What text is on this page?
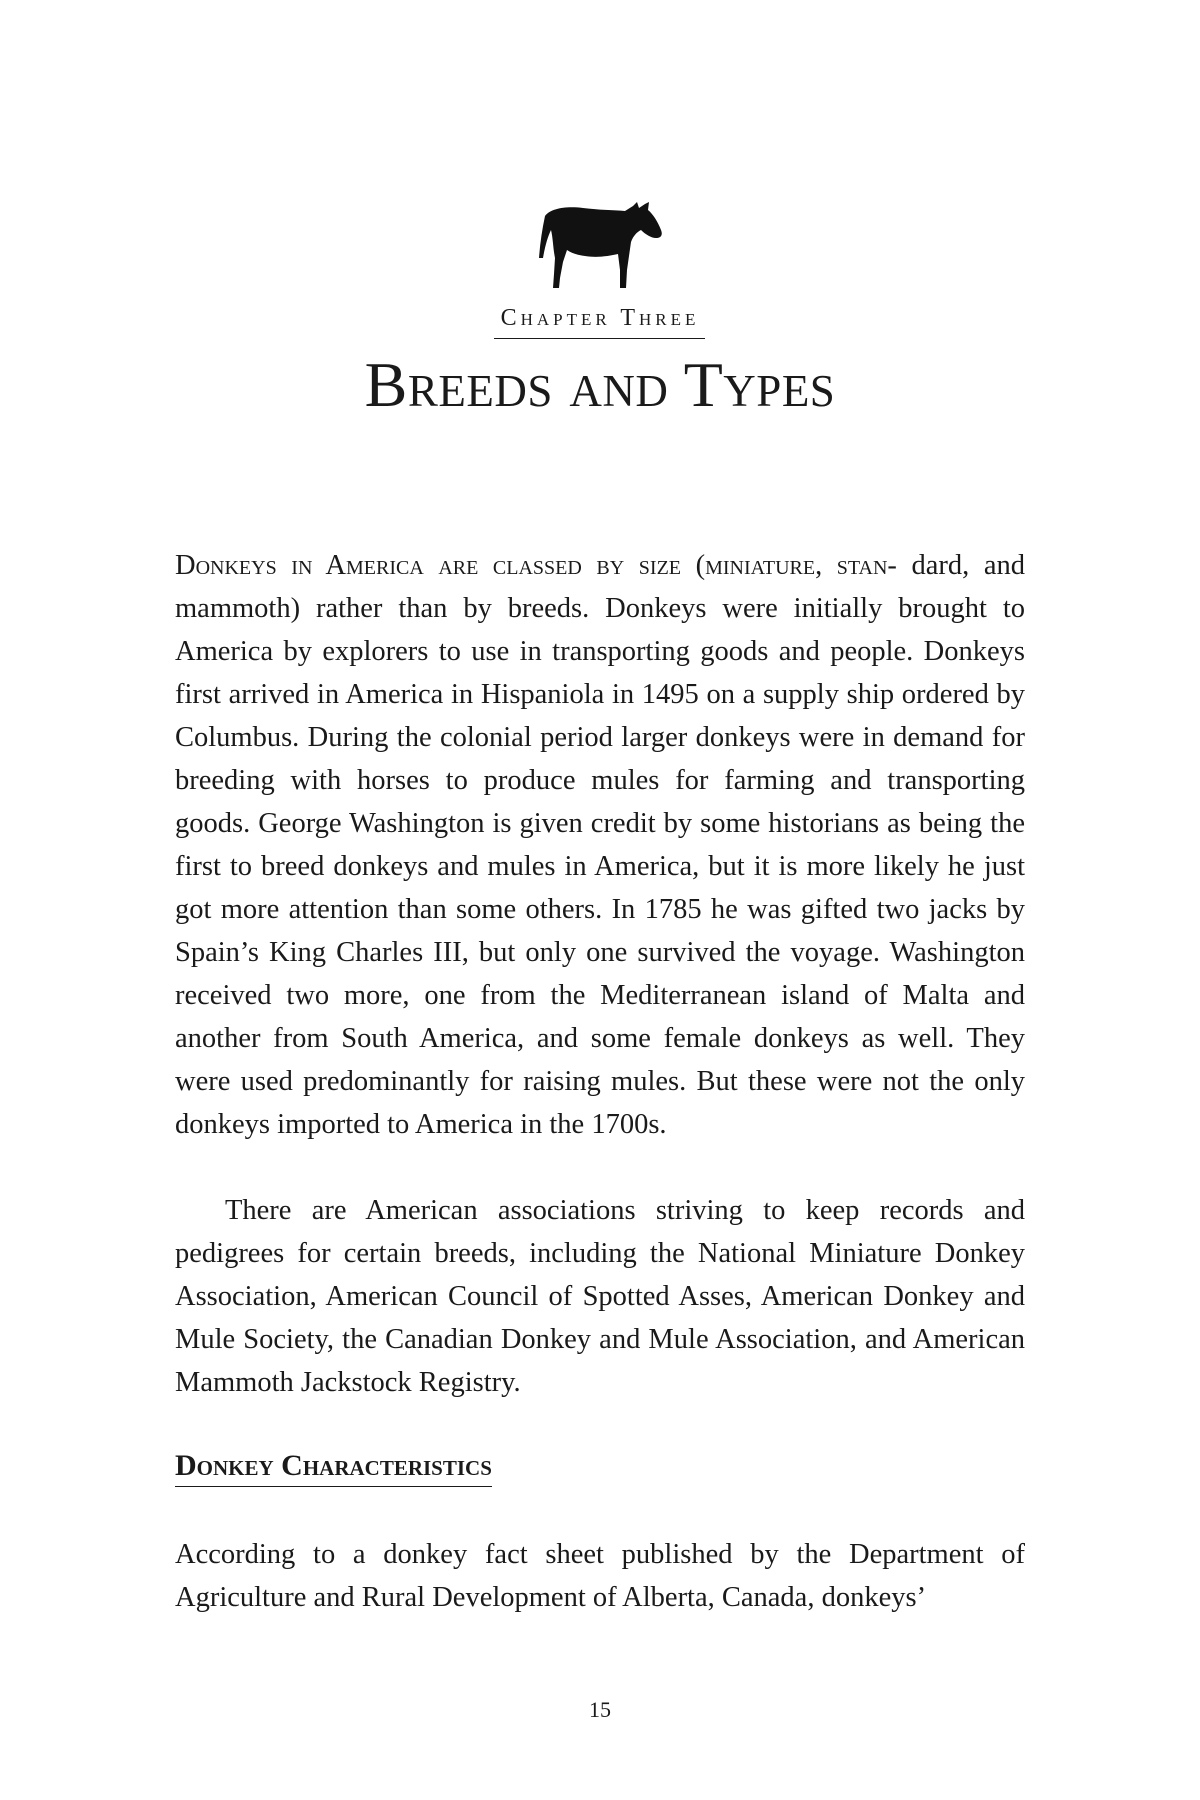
Chapter Three
Breeds and Types

Donkeys in America are classed by size (miniature, stan- dard, and mammoth) rather than by breeds. Donkeys were initially brought to America by explorers to use in transporting goods and people. Donkeys first arrived in America in Hispaniola in 1495 on a supply ship ordered by Columbus. During the colonial period larger donkeys were in demand for breeding with horses to produce mules for farming and transporting goods. George Washington is given credit by some historians as being the first to breed donkeys and mules in America, but it is more likely he just got more attention than some others. In 1785 he was gifted two jacks by Spain’s King Charles III, but only one survived the voyage. Washington received two more, one from the Mediterranean island of Malta and another from South America, and some female donkeys as well. They were used predominantly for raising mules. But these were not the only donkeys imported to America in the 1700s.

There are American associations striving to keep records and pedigrees for certain breeds, including the National Miniature Donkey Association, American Council of Spotted Asses, American Donkey and Mule Society, the Canadian Donkey and Mule Association, and American Mammoth Jackstock Registry.

Donkey Characteristics

According to a donkey fact sheet published by the Department of Agriculture and Rural Development of Alberta, Canada, donkeys’

15
